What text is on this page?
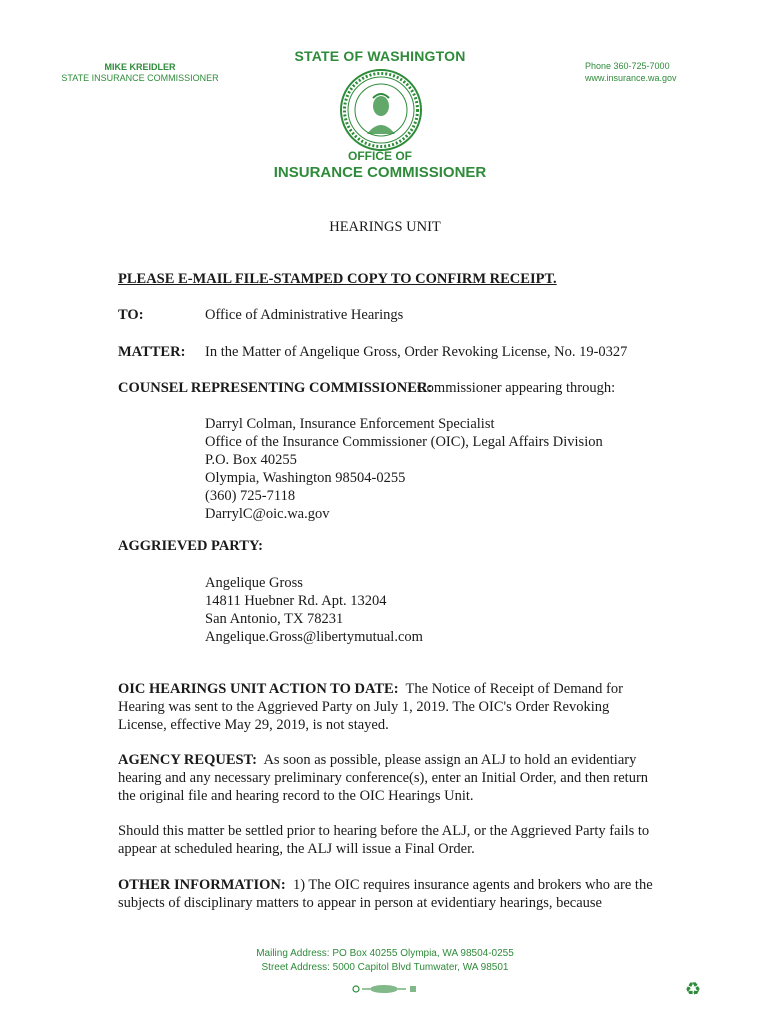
MIKE KREIDLER
STATE INSURANCE COMMISSIONER
STATE OF WASHINGTON
Phone 360-725-7000
www.insurance.wa.gov
OFFICE OF
INSURANCE COMMISSIONER
HEARINGS UNIT
PLEASE E-MAIL FILE-STAMPED COPY TO CONFIRM RECEIPT.
TO:	Office of Administrative Hearings
MATTER: In the Matter of Angelique Gross, Order Revoking License, No. 19-0327
COUNSEL REPRESENTING COMMISSIONER:
Commissioner appearing through:
Darryl Colman, Insurance Enforcement Specialist
Office of the Insurance Commissioner (OIC), Legal Affairs Division
P.O. Box 40255
Olympia, Washington 98504-0255
(360) 725-7118
DarrylC@oic.wa.gov
AGGRIEVED PARTY:
Angelique Gross
14811 Huebner Rd. Apt. 13204
San Antonio, TX 78231
Angelique.Gross@libertymutual.com
OIC HEARINGS UNIT ACTION TO DATE: The Notice of Receipt of Demand for Hearing was sent to the Aggrieved Party on July 1, 2019. The OIC's Order Revoking License, effective May 29, 2019, is not stayed.
AGENCY REQUEST: As soon as possible, please assign an ALJ to hold an evidentiary hearing and any necessary preliminary conference(s), enter an Initial Order, and then return the original file and hearing record to the OIC Hearings Unit.
Should this matter be settled prior to hearing before the ALJ, or the Aggrieved Party fails to appear at scheduled hearing, the ALJ will issue a Final Order.
OTHER INFORMATION: 1) The OIC requires insurance agents and brokers who are the subjects of disciplinary matters to appear in person at evidentiary hearings, because
Mailing Address: PO Box 40255 Olympia, WA 98504-0255
Street Address: 5000 Capitol Blvd Tumwater, WA 98501
♻
